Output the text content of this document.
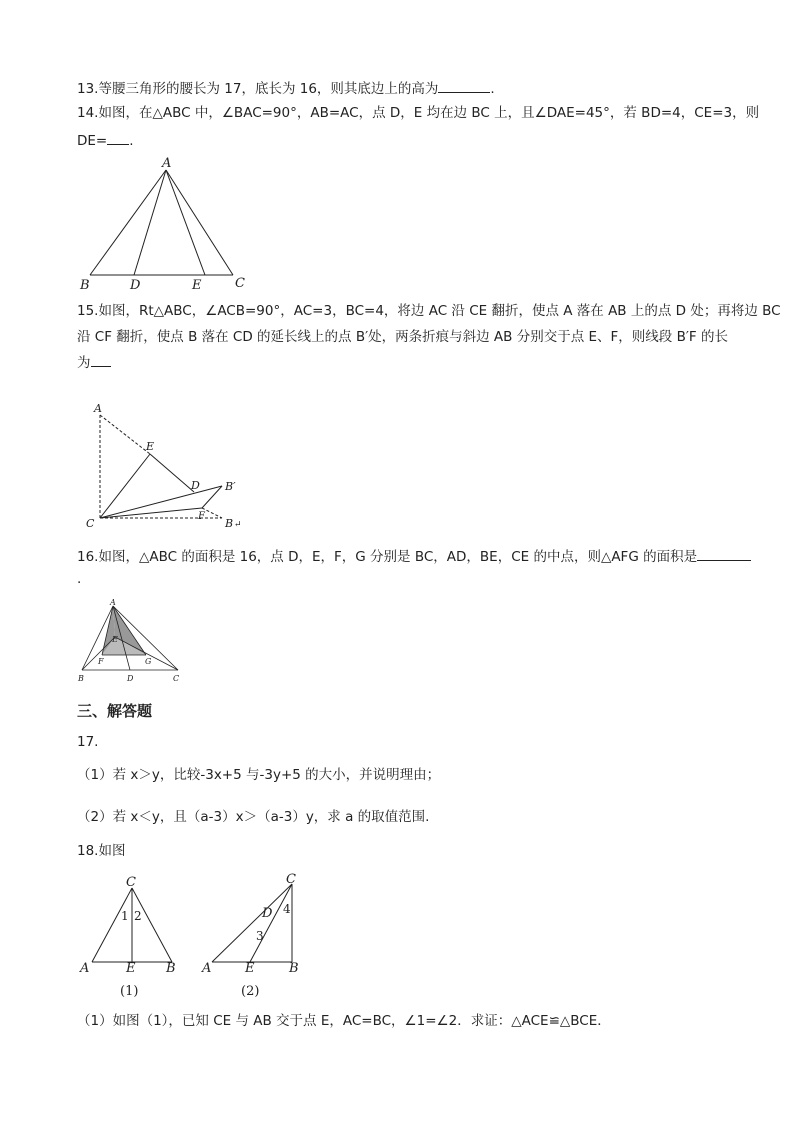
13.等腰三角形的腰长为 17，底长为 16，则其底边上的高为	.
14.如图，在△ABC 中，∠BAC=90°，AB=AC，点 D，E 均在边 BC 上，且∠DAE=45°，若 BD=4，CE=3，则
DE= .
A
B	D	E	C
15.如图，Rt△ABC，∠ACB=90°，AC=3，BC=4，将边 AC 沿 CE 翻折，使点 A 落在 AB 上的点 D 处；再将边 BC
沿 CF 翻折，使点 B 落在 CD 的延长线上的点 B′处，两条折痕与斜边 AB 分别交于点 E、F，则线段 B′F 的长
为
A
E
D B′
C
F
B ↵
16.如图，△ABC 的面积是 16，点 D，E，F，G 分别是 BC，AD，BE，CE 的中点，则△AFG 的面积是
.
A
E
F	G
B	D	C
三、解答题
17.
（1）若 x＞y，比较-3x+5 与-3y+5 的大小，并说明理由；
（2）若 x＜y，且（a-3）x＞（a-3）y，求 a 的取值范围.
18.如图
C
1 2
A	E B
(1)
C
D 4
3
A	E	B
(2)
（1）如图（1），已知 CE 与 AB 交于点 E，AC=BC，∠1=∠2．求证：△ACE≌△BCE．
